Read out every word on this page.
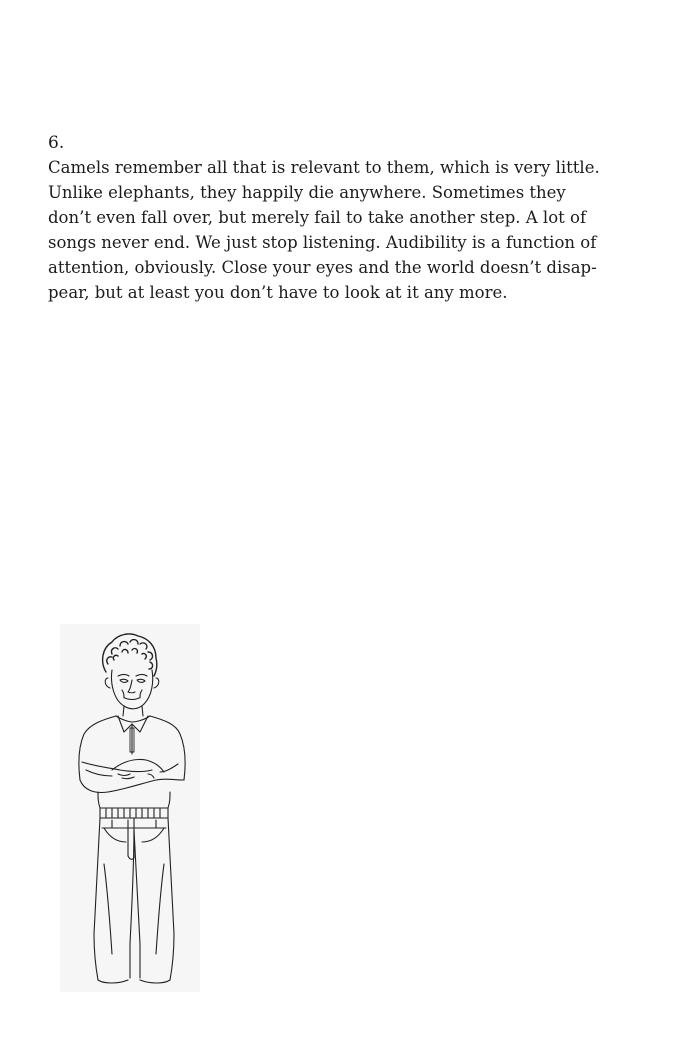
6.

Camels remember all that is relevant to them, which is very little.
Unlike elephants, they happily die anywhere. Sometimes they
don’t even fall over, but merely fail to take another step. A lot of
songs never end. We just stop listening. Audibility is a function of
attention, obviously. Close your eyes and the world doesn’t disap-
pear, but at least you don’t have to look at it any more.
